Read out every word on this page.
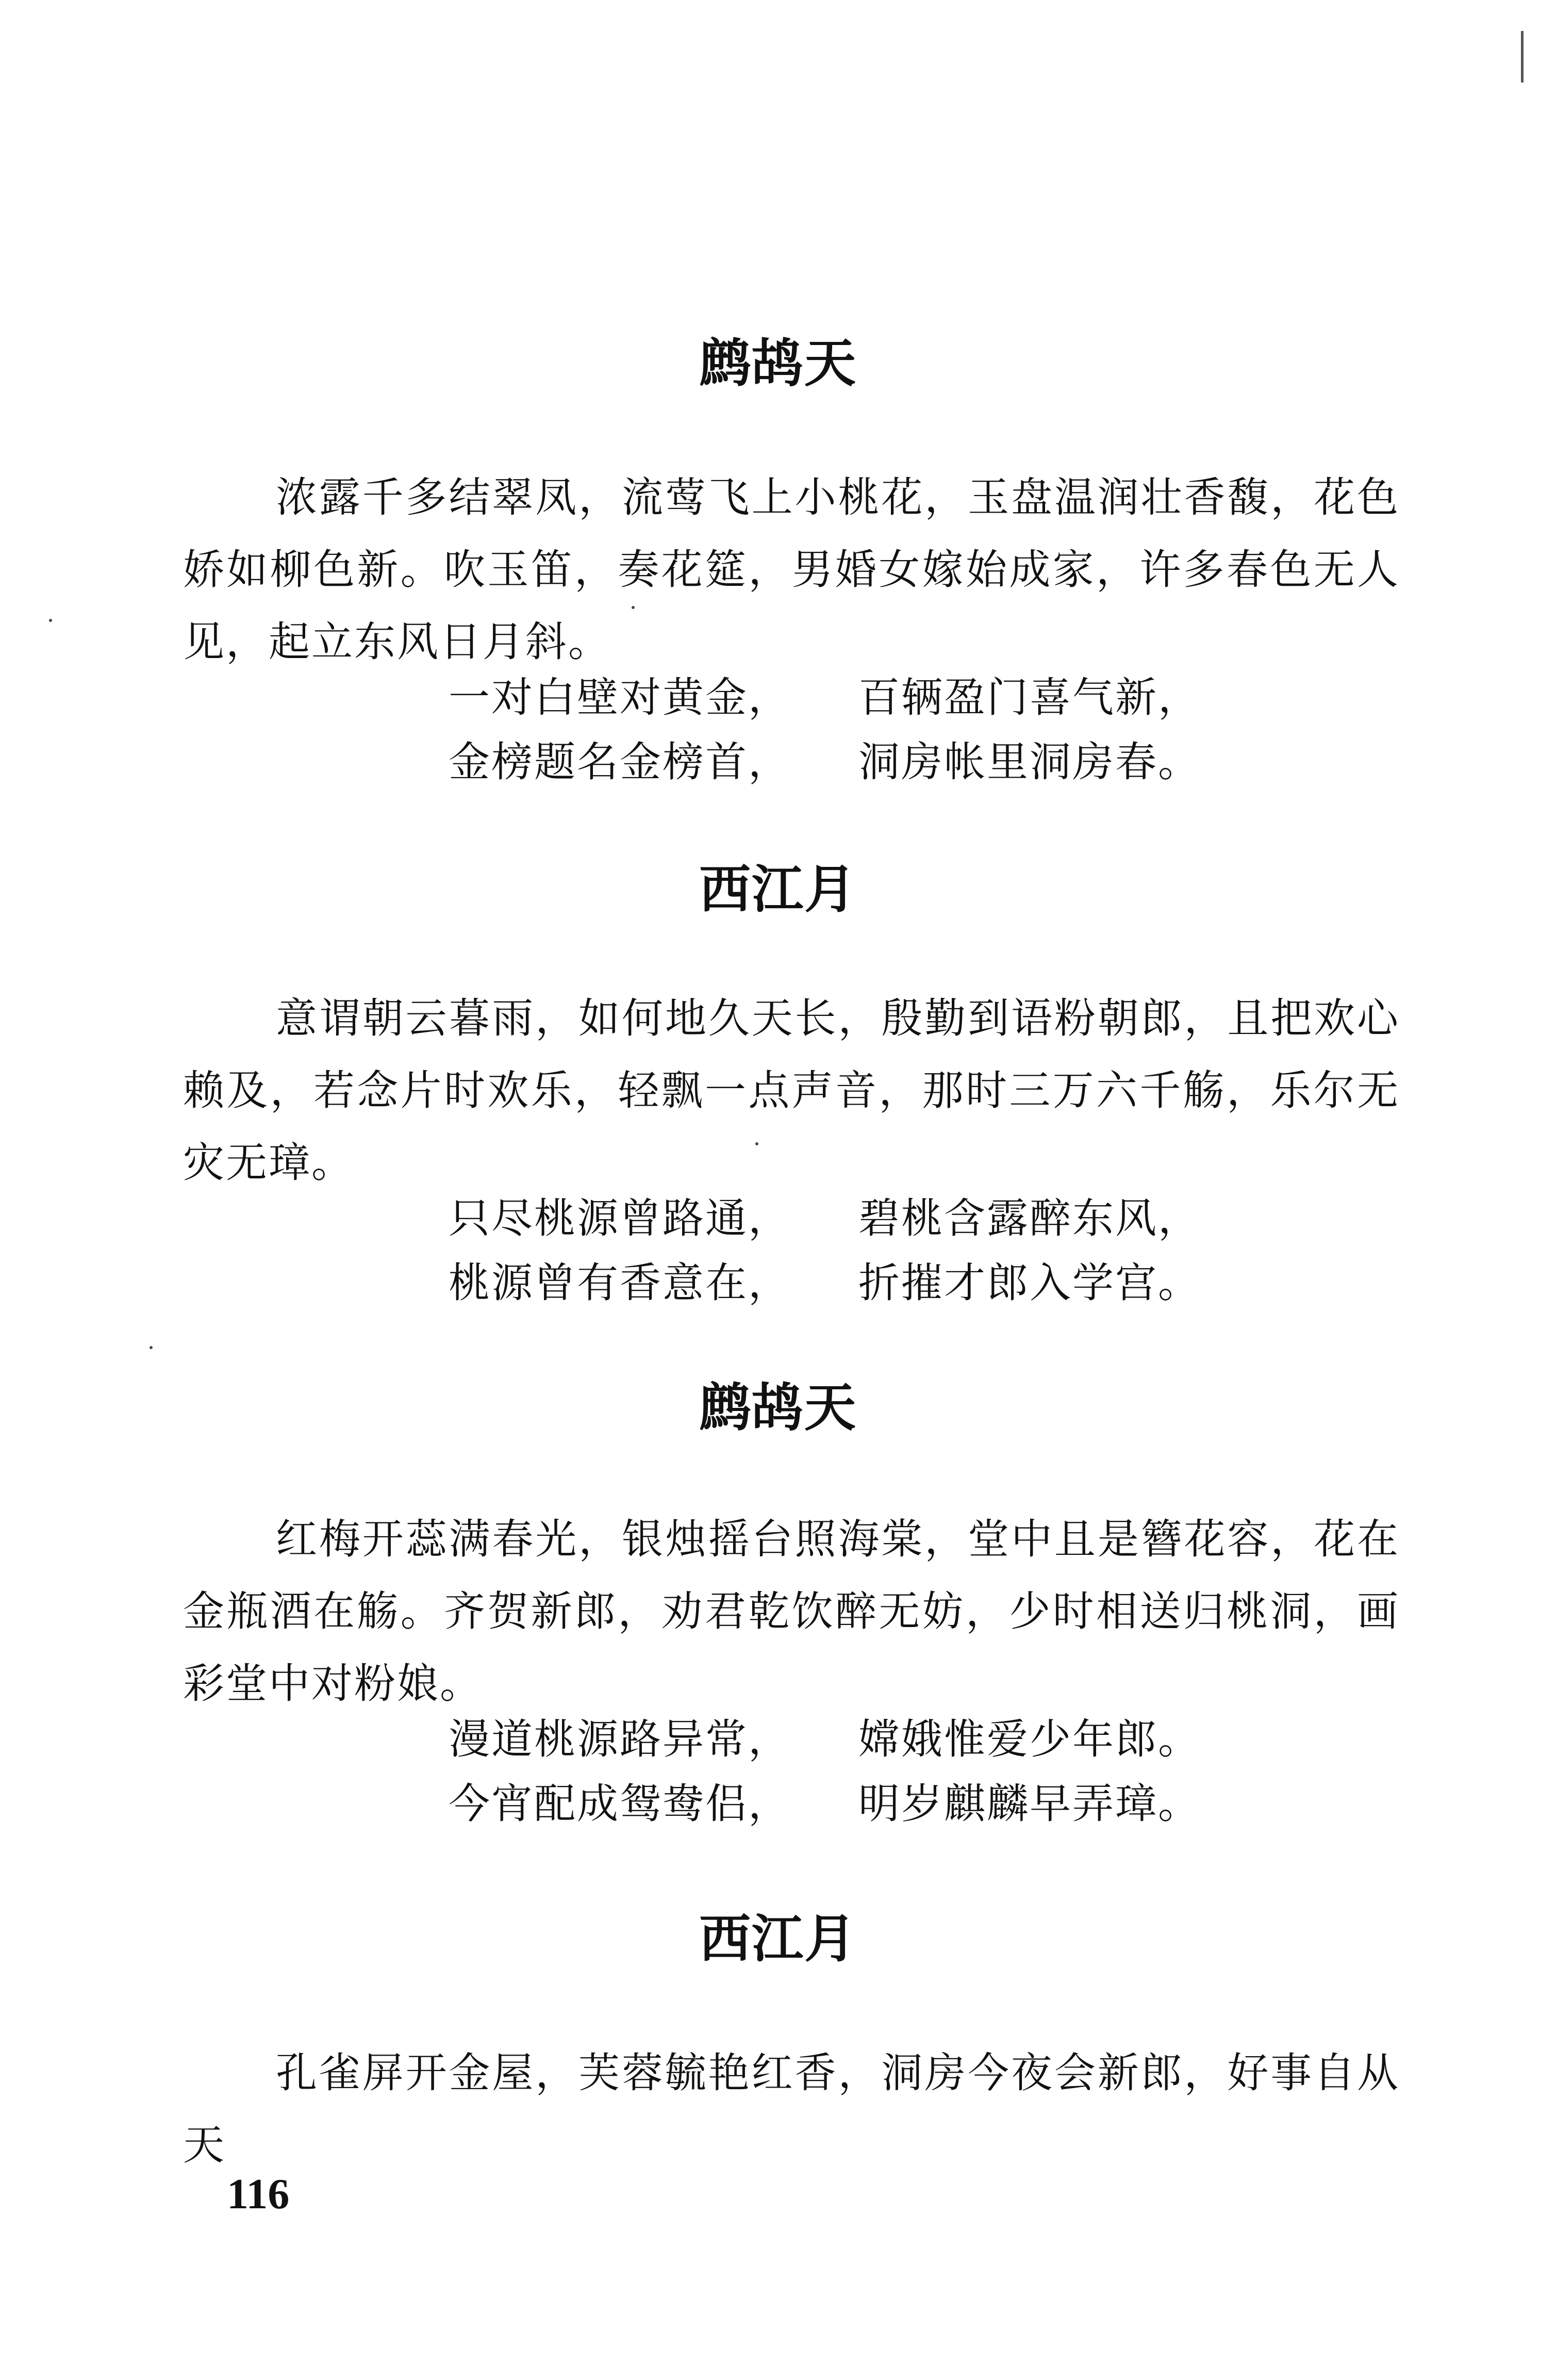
鹧鸪天
浓露千多结翠凤，流莺飞上小桃花，玉盘温润壮香馥，花色娇如柳色新。吹玉笛，奏花筵，男婚女嫁始成家，许多春色无人见，起立东风日月斜。
一对白壁对黄金， 百辆盈门喜气新，
金榜题名金榜首， 洞房帐里洞房春。
西江月
意谓朝云暮雨，如何地久天长，殷勤到语粉朝郎，且把欢心赖及，若念片时欢乐，轻飘一点声音，那时三万六千觞，乐尔无灾无璋。
只尽桃源曾路通， 碧桃含露醉东风，
桃源曾有香意在， 折摧才郎入学宫。
鹧鸪天
红梅开蕊满春光，银烛摇台照海棠，堂中且是簪花容，花在金瓶酒在觞。齐贺新郎，劝君乾饮醉无妨，少时相送归桃洞，画彩堂中对粉娘。
漫道桃源路异常， 嫦娥惟爱少年郎。
今宵配成鸳鸯侣， 明岁麒麟早弄璋。
西江月
孔雀屏开金屋，芙蓉毓艳红香，洞房今夜会新郎，好事自从天
116
